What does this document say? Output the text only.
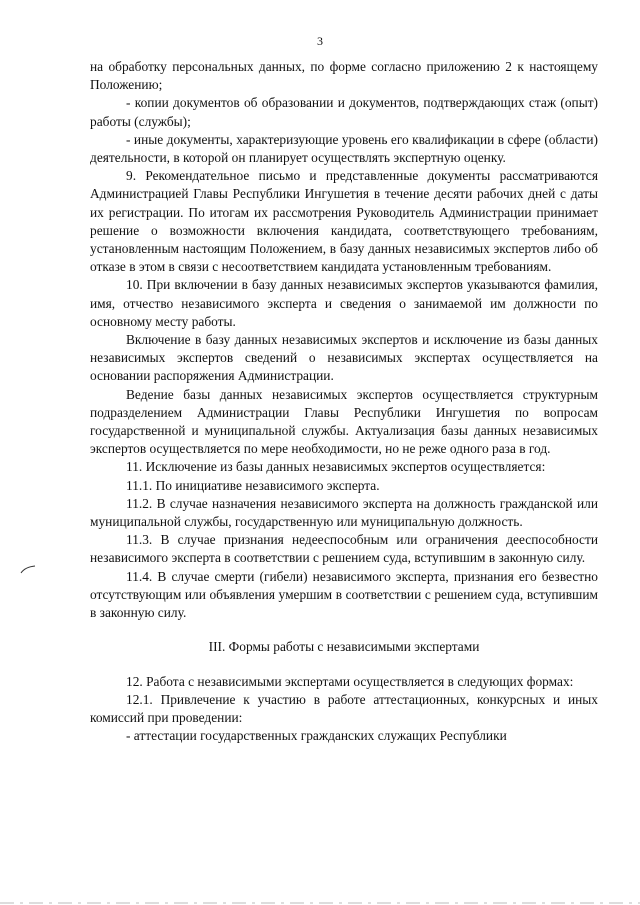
3

на обработку персональных данных, по форме согласно приложению 2 к настоящему Положению;

- копии документов об образовании и документов, подтверждающих стаж (опыт) работы (службы);

- иные документы, характеризующие уровень его квалификации в сфере (области) деятельности, в которой он планирует осуществлять экспертную оценку.

9. Рекомендательное письмо и представленные документы рассматриваются Администрацией Главы Республики Ингушетия в течение десяти рабочих дней с даты их регистрации. По итогам их рассмотрения Руководитель Администрации принимает решение о возможности включения кандидата, соответствующего требованиям, установленным настоящим Положением, в базу данных независимых экспертов либо об отказе в этом в связи с несоответствием кандидата установленным требованиям.

10. При включении в базу данных независимых экспертов указываются фамилия, имя, отчество независимого эксперта и сведения о занимаемой им должности по основному месту работы.

Включение в базу данных независимых экспертов и исключение из базы данных независимых экспертов сведений о независимых экспертах осуществляется на основании распоряжения Администрации.

Ведение базы данных независимых экспертов осуществляется структурным подразделением Администрации Главы Республики Ингушетия по вопросам государственной и муниципальной службы. Актуализация базы данных независимых экспертов осуществляется по мере необходимости, но не реже одного раза в год.

11. Исключение из базы данных независимых экспертов осуществляется:

11.1. По инициативе независимого эксперта.

11.2. В случае назначения независимого эксперта на должность гражданской или муниципальной службы, государственную или муниципальную должность.

11.3. В случае признания недееспособным или ограничения дееспособности независимого эксперта в соответствии с решением суда, вступившим в законную силу.

11.4. В случае смерти (гибели) независимого эксперта, признания его безвестно отсутствующим или объявления умершим в соответствии с решением суда, вступившим в законную силу.

III. Формы работы с независимыми экспертами

12. Работа с независимыми экспертами осуществляется в следующих формах:

12.1. Привлечение к участию в работе аттестационных, конкурсных и иных комиссий при проведении:

- аттестации государственных гражданских служащих Республики
